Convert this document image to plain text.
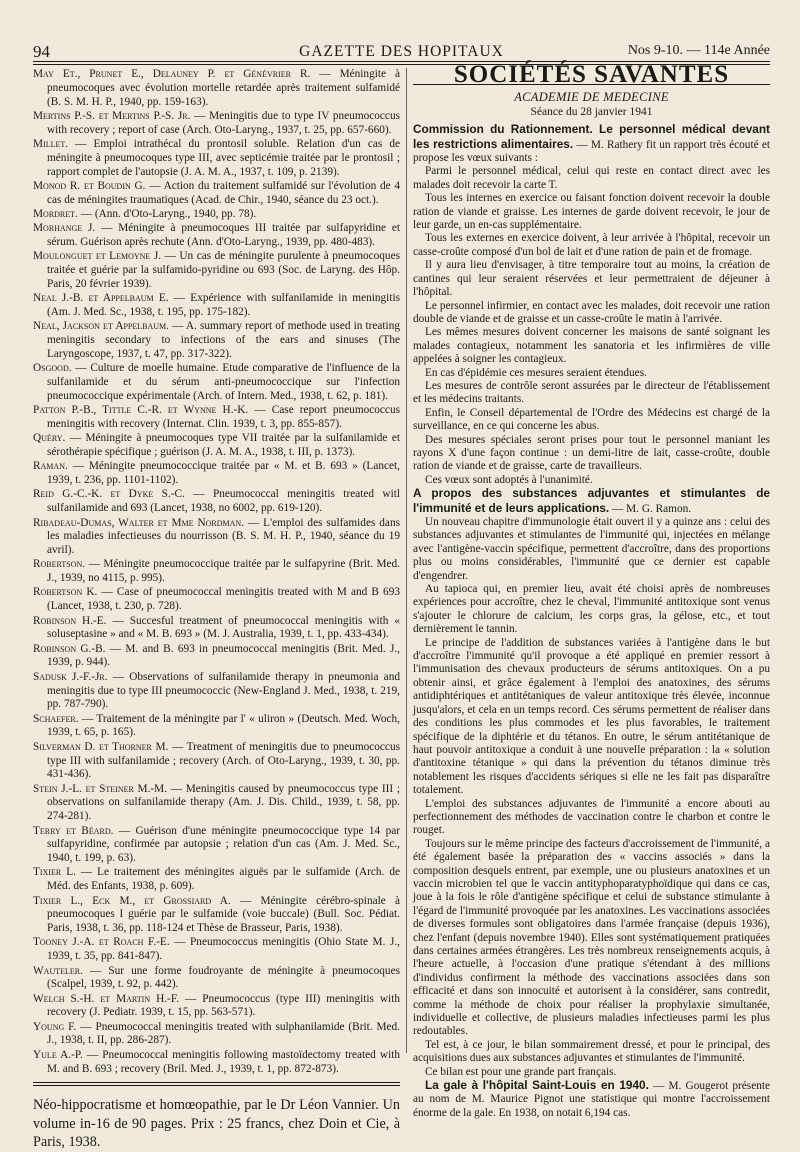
94	GAZETTE DES HOPITAUX	Nos 9-10. — 114e Année
May Et., Prunet E., Delauney P. et Génévrier R. — Méningite à pneumocoques avec évolution mortelle retardée après traitement sulfamidé (B. S. M. H. P., 1940, pp. 159-163).
Mertins P.-S. et Mertins P.-S. Jr. — Meningitis due to type IV pneumococcus with recovery ; report of case (Arch. Oto-Laryng., 1937, t. 25, pp. 657-660).
Millet. — Emploi intrathécal du prontosil soluble. Relation d'un cas de méningite à pneumocoques type III, avec septicémie traitée par le prontosil ; rapport complet de l'autopsie (J. A. M. A., 1937, t. 109, p. 2139).
Monod R. et Boudin G. — Action du traitement sulfamidé sur l'évolution de 4 cas de méningites traumatiques (Acad. de Chir., 1940, séance du 23 oct.).
Mordret. — (Ann. d'Oto-Laryng., 1940, pp. 78).
Morhange J. — Méningite à pneumocoques III traitée par sulfapyridine et sérum. Guérison après rechute (Ann. d'Oto-Laryng., 1939, pp. 480-483).
Moulonguet et Lemoyne J. — Un cas de méningite purulente à pneumocoques traitée et guérie par la sulfamido-pyridine ou 693 (Soc. de Laryng. des Hôp. Paris, 20 février 1939).
Neal J.-B. et Appelbaum E. — Expérience with sulfanilamide in meningitis (Am. J. Med. Sc., 1938, t. 195, pp. 175-182).
Neal, Jackson et Appelbaum. — A. summary report of methode used in treating meningitis secondary to infections of the ears and sinuses (The Laryngoscope, 1937, t. 47, pp. 317-322).
Osgood. — Culture de moelle humaine. Etude comparative de l'influence de la sulfanilamide et du sérum anti-pneumococcique sur l'infection pneumococcique expérimentale (Arch. of Intern. Med., 1938, t. 62, p. 181).
Patton P.-B., Tittle C.-R. et Wynne H.-K. — Case report pneumococcus meningitis with recovery (Internat. Clin. 1939, t. 3, pp. 855-857).
Quéry. — Méningite à pneumocoques type VII traitée par la sulfanilamide et sérothérapie spécifique ; guérison (J. A. M. A., 1938, t. III, p. 1373).
Raman. — Méningite pneumococcique traitée par « M. et B. 693 » (Lancet, 1939, t. 236, pp. 1101-1102).
Reid G.-C.-K. et Dyke S.-C. — Pneumococcal meningitis treated witl sulfanilamide and 693 (Lancet, 1938, no 6002, pp. 619-120).
Ribadeau-Dumas, Walter et Mme Nordman. — L'emploi des sulfamides dans les maladies infectieuses du nourrisson (B. S. M. H. P., 1940, séance du 19 avril).
Robertson. — Méningite pneumococcique traitée par le sulfapyrine (Brit. Med. J., 1939, no 4115, p. 995).
Robertson K. — Case of pneumococcal meningitis treated with M and B 693 (Lancet, 1938, t. 230, p. 728).
Robinson H.-E. — Succesful treatment of pneumococcal meningitis with « soluseptasine » and « M. B. 693 » (M. J. Australia, 1939, t. 1, pp. 433-434).
Robinson G.-B. — M. and B. 693 in pneumococcal meningitis (Brit. Med. J., 1939, p. 944).
Sadusk J.-F.-Jr. — Observations of sulfanilamide therapy in pneumonia and meningitis due to type III pneumococcic (New-England J. Med., 1938, t. 219, pp. 787-790).
Schaefer. — Traitement de la méningite par l' « uliron » (Deutsch. Med. Woch, 1939, t. 65, p. 165).
Silverman D. et Thorner M. — Treatment of meningitis due to pneumococcus type III with sulfanilamide ; recovery (Arch. of Oto-Laryng., 1939, t. 30, pp. 431-436).
Stein J.-L. et Steiner M.-M. — Meningitis caused by pneumococcus type III ; observations on sulfanilamide therapy (Am. J. Dis. Child., 1939, t. 58, pp. 274-281).
Terry et Béard. — Guérison d'une méningite pneumococcique type 14 par sulfapyridine, confirmée par autopsie ; relation d'un cas (Am. J. Med. Sc., 1940, t. 199, p. 63).
Tixier L. — Le traitement des méningites aiguës par le sulfamide (Arch. de Méd. des Enfants, 1938, p. 609).
Tixier L., Eck M., et Grossiard A. — Méningite cérébro-spinale à pneumocoques I guérie par le sulfamide (voie buccale) (Bull. Soc. Pédiat. Paris, 1938, t. 36, pp. 118-124 et Thèse de Brasseur, Paris, 1938).
Tooney J.-A. et Roach F.-E. — Pneumococcus meningitis (Ohio State M. J., 1939, t. 35, pp. 841-847).
Wauteler. — Sur une forme foudroyante de méningite à pneumocoques (Scalpel, 1939, t. 92, p. 442).
Welch S.-H. et Martin H.-F. — Pneumococcus (type III) meningitis with recovery (J. Pediatr. 1939, t. 15, pp. 563-571).
Young F. — Pneumococcal meningitis treated with sulphanilamide (Brit. Med. J., 1938, t. II, pp. 286-287).
Yule A.-P. — Pneumococcal meningitis following mastoïdectomy treated with M. and B. 693 ; recovery (Bril. Med. J., 1939, t. 1, pp. 872-873).
Néo-hippocratisme et homœopathie, par le Dr Léon Vannier. Un volume in-16 de 90 pages. Prix : 25 francs, chez Doin et Cie, à Paris, 1938.
SOCIÉTÉS SAVANTES
ACADEMIE DE MEDECINE
Séance du 28 janvier 1941

Commission du Rationnement. Le personnel médical devant les restrictions alimentaires. — M. Rathery fit un rapport très écouté et propose les vœux suivants :

Parmi le personnel médical, celui qui reste en contact direct avec les malades doit recevoir la carte T.

Tous les internes en exercice ou faisant fonction doivent recevoir la double ration de viande et graisse. Les internes de garde doivent recevoir, le jour de leur garde, un en-cas supplémentaire.

Tous les externes en exercice doivent, à leur arrivée à l'hôpital, recevoir un casse-croûte composé d'un bol de lait et d'une ration de pain et de fromage.

Il y aura lieu d'envisager, à titre temporaire tout au moins, la création de cantines qui leur seraient réservées et leur permettraient de déjeuner à l'hôpital.

Le personnel infirmier, en contact avec les malades, doit recevoir une ration double de viande et de graisse et un casse-croûte le matin à l'arrivée.

Les mêmes mesures doivent concerner les maisons de santé soignant les malades contagieux, notamment les sanatoria et les infirmières de ville appelées à soigner les contagieux.

En cas d'épidémie ces mesures seraient étendues.

Les mesures de contrôle seront assurées par le directeur de l'établissement et les médecins traitants.

Enfin, le Conseil départemental de l'Ordre des Médecins est chargé de la surveillance, en ce qui concerne les abus.

Des mesures spéciales seront prises pour tout le personnel maniant les rayons X d'une façon continue : un demi-litre de lait, casse-croûte, double ration de viande et de graisse, carte de travailleurs.

Ces vœux sont adoptés à l'unanimité.

A propos des substances adjuvantes et stimulantes de l'immunité et de leurs applications. — M. G. Ramon.

Un nouveau chapitre d'immunologie était ouvert il y a quinze ans : celui des substances adjuvantes et stimulantes de l'immunité qui, injectées en mélange avec l'antigène-vaccin spécifique, permettent d'accroître, dans des proportions plus ou moins considérables, l'immunité que ce dernier est capable d'engendrer.

Au tapioca qui, en premier lieu, avait été choisi après de nombreuses expériences pour accroître, chez le cheval, l'immunité antitoxique sont venus s'ajouter le chlorure de calcium, les corps gras, la gélose, etc., et tout dernièrement le tannin.

Le principe de l'addition de substances variées à l'antigène dans le but d'accroître l'immunité qu'il provoque a été appliqué en premier ressort à l'immunisation des chevaux producteurs de sérums antitoxiques. On a pu obtenir ainsi, et grâce également à l'emploi des anatoxines, des sérums antidiphtériques et antitétaniques de valeur antitoxique très élevée, inconnue jusqu'alors, et cela en un temps record. Ces sérums permettent de réaliser dans des conditions les plus commodes et les plus favorables, le traitement spécifique de la diphtérie et du tétanos. En outre, le sérum antitétanique de haut pouvoir antitoxique a conduit à une nouvelle préparation : la « solution d'antitoxine tétanique » qui dans la prévention du tétanos diminue très notablement les risques d'accidents sériques si elle ne les fait pas disparaître totalement.

L'emploi des substances adjuvantes de l'immunité a encore abouti au perfectionnement des méthodes de vaccination contre le charbon et contre le rouget.

Toujours sur le même principe des facteurs d'accroissement de l'immunité, a été également basée la préparation des « vaccins associés » dans la composition desquels entrent, par exemple, une ou plusieurs anatoxines et un vaccin microbien tel que le vaccin antityphoparatyphoïdique qui dans ce cas, joue à la fois le rôle d'antigène spécifique et celui de substance stimulante à l'égard de l'immunité provoquée par les anatoxines. Les vaccinations associées de diverses formules sont obligatoires dans l'armée française (depuis 1936), chez l'enfant (depuis novembre 1940). Elles sont systématiquement pratiquées dans certaines armées étrangères. Les très nombreux renseignements acquis, à l'heure actuelle, à l'occasion d'une pratique s'étendant à des millions d'individus confirment la méthode des vaccinations associées dans son efficacité et dans son innocuité et autorisent à la considérer, sans contredit, comme la méthode de choix pour réaliser la prophylaxie simultanée, individuelle et collective, de plusieurs maladies infectieuses parmi les plus redoutables.

Tel est, à ce jour, le bilan sommairement dressé, et pour le principal, des acquisitions dues aux substances adjuvantes et stimulantes de l'immunité.

Ce bilan est pour une grande part français.

La gale à l'hôpital Saint-Louis en 1940. — M. Gougerot présente au nom de M. Maurice Pignot une statistique qui montre l'accroissement énorme de la gale. En 1938, on notait 6,194 cas.
